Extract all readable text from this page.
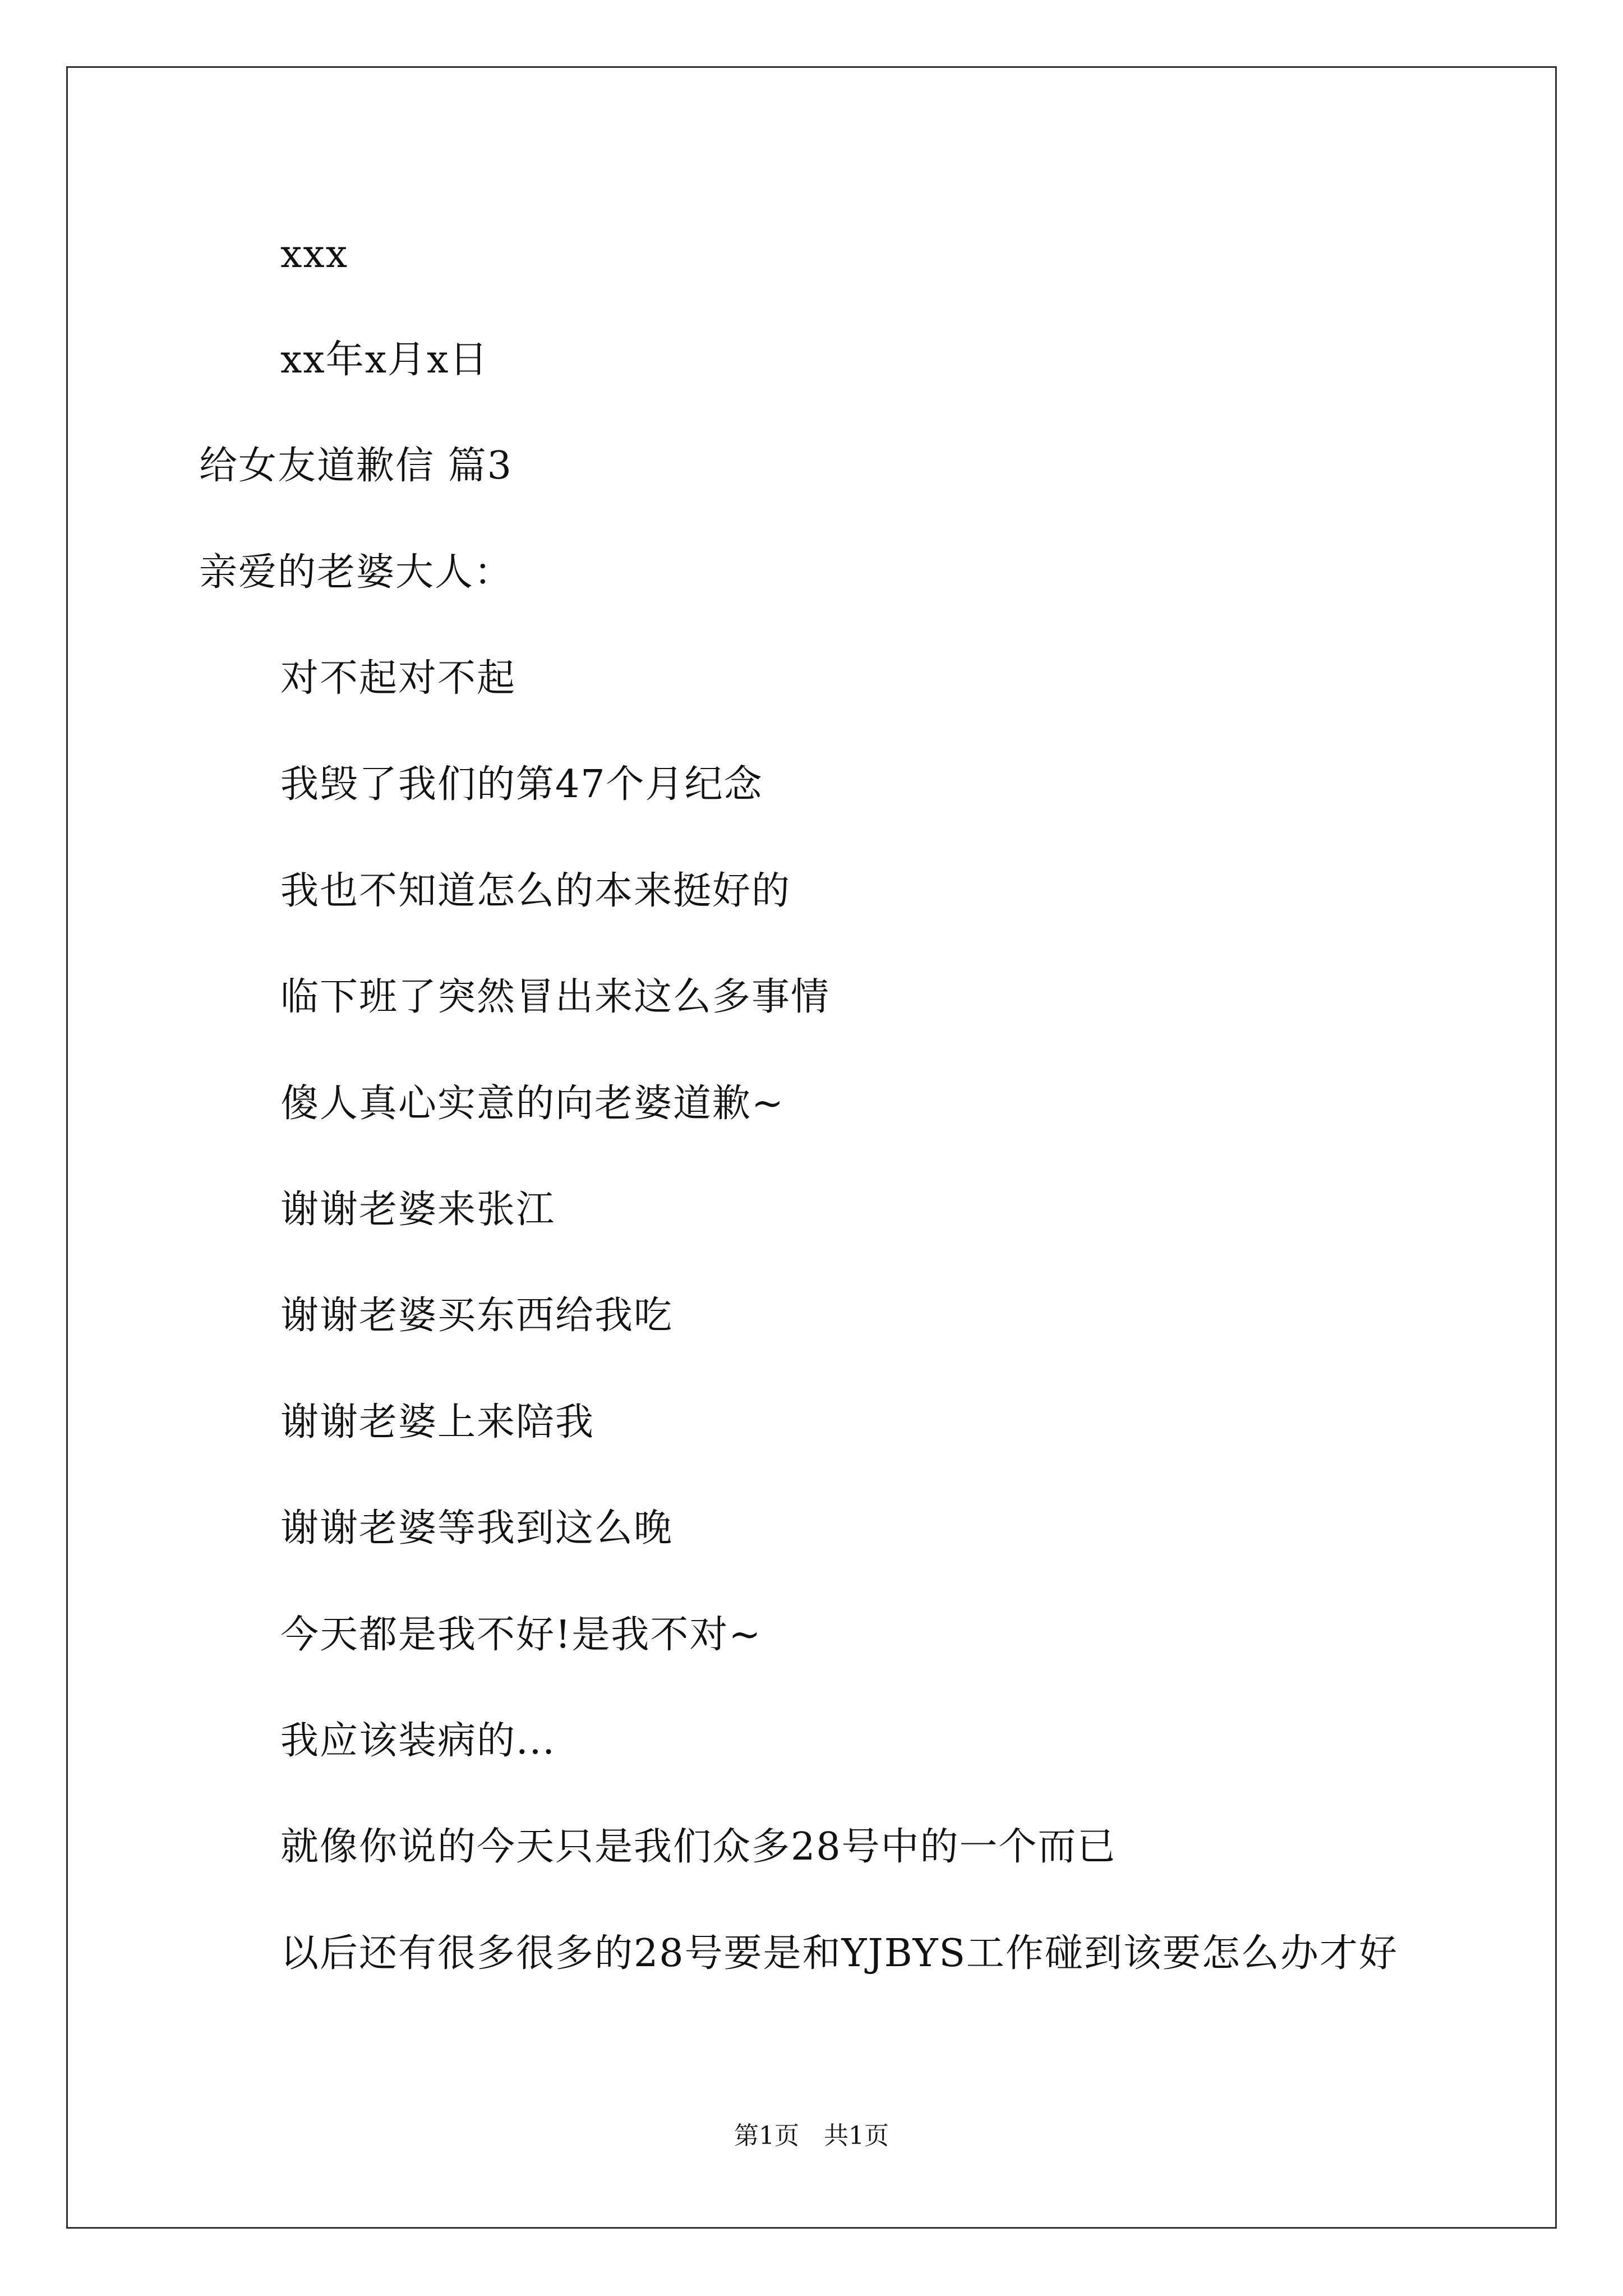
xxx
xx年x月x日
给女友道歉信 篇3
亲爱的老婆大人：
对不起对不起
我毁了我们的第47个月纪念
我也不知道怎么的本来挺好的
临下班了突然冒出来这么多事情
傻人真心实意的向老婆道歉~
谢谢老婆来张江
谢谢老婆买东西给我吃
谢谢老婆上来陪我
谢谢老婆等我到这么晚
今天都是我不好!是我不对~
我应该装病的...
就像你说的今天只是我们众多28号中的一个而已
以后还有很多很多的28号要是和YJBYS工作碰到该要怎么办才好
第1页 共1页
